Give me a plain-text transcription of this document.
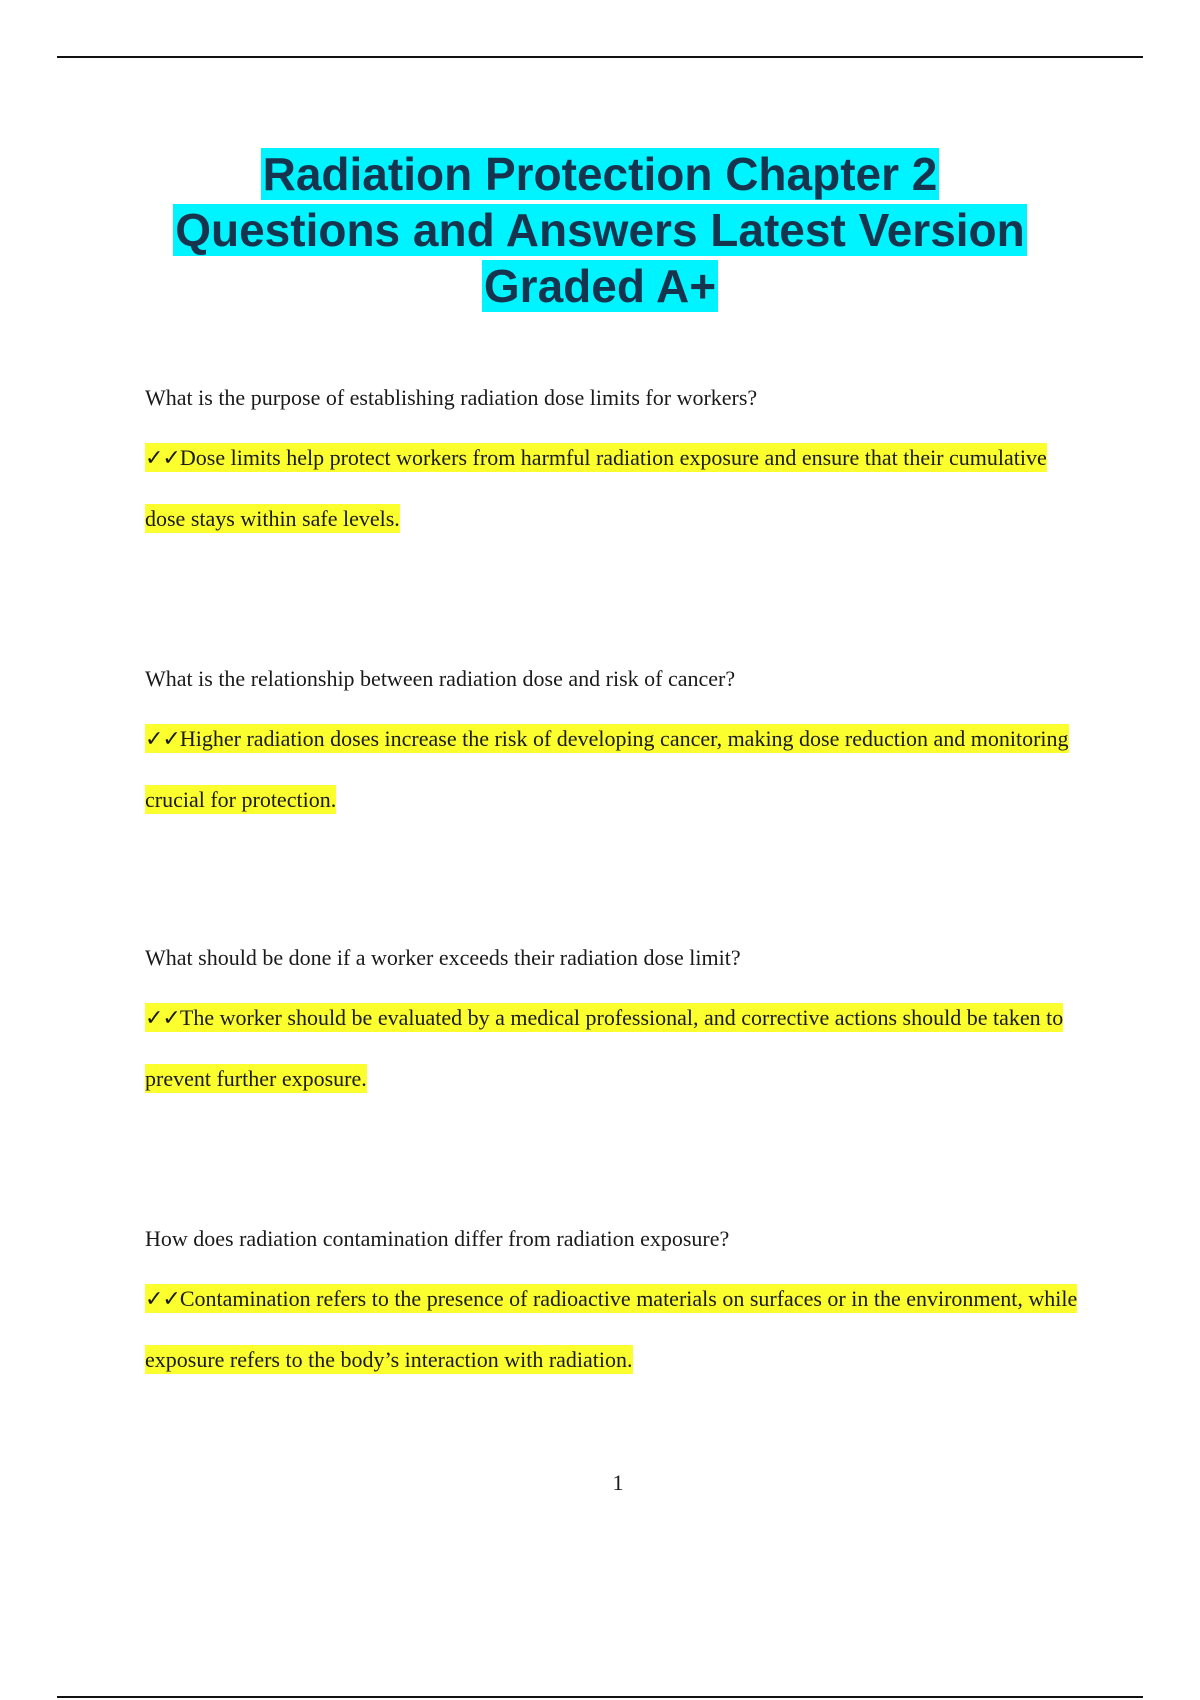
Radiation Protection Chapter 2
Questions and Answers Latest Version
Graded A+

What is the purpose of establishing radiation dose limits for workers?

✓✓Dose limits help protect workers from harmful radiation exposure and ensure that their cumulative dose stays within safe levels.

What is the relationship between radiation dose and risk of cancer?

✓✓Higher radiation doses increase the risk of developing cancer, making dose reduction and monitoring crucial for protection.

What should be done if a worker exceeds their radiation dose limit?

✓✓The worker should be evaluated by a medical professional, and corrective actions should be taken to prevent further exposure.

How does radiation contamination differ from radiation exposure?

✓✓Contamination refers to the presence of radioactive materials on surfaces or in the environment, while exposure refers to the body’s interaction with radiation.

1
